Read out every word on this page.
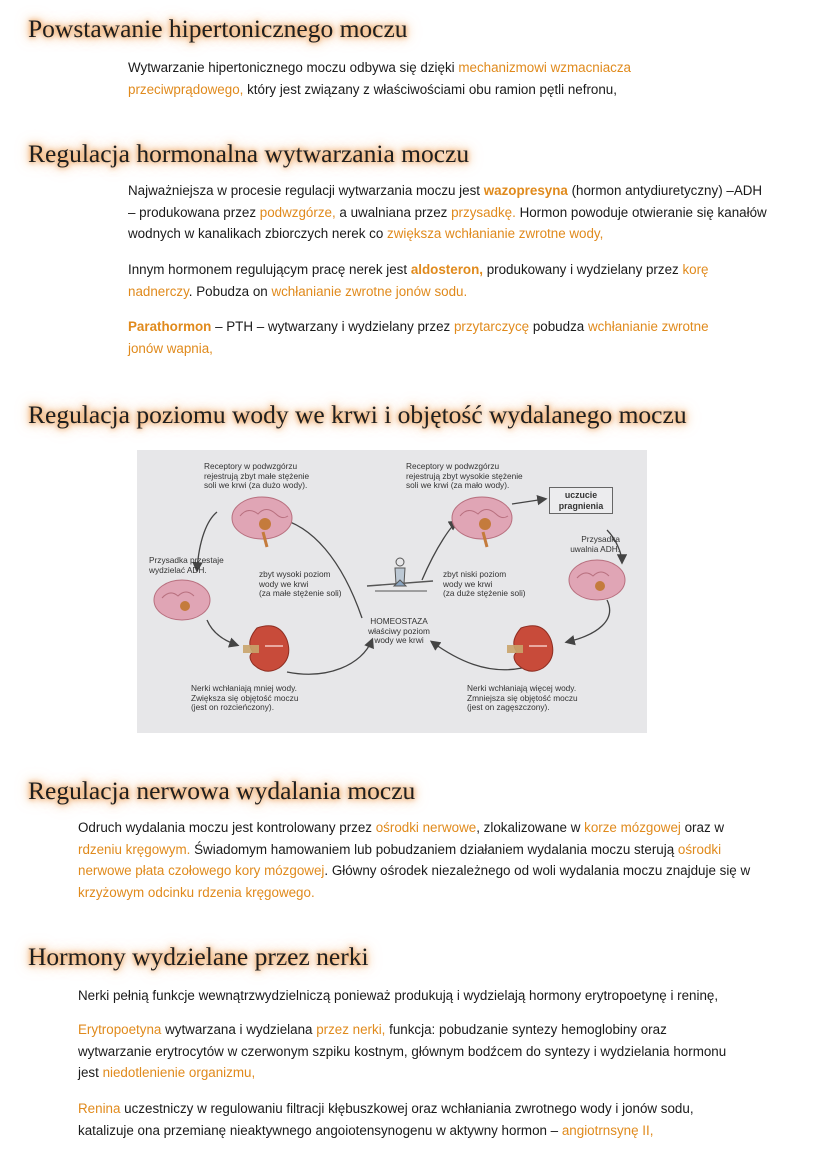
Powstawanie hipertonicznego moczu

Wytwarzanie hipertonicznego moczu odbywa się dzięki mechanizmowi wzmacniacza przeciwprądowego, który jest związany z właściwościami obu ramion pętli nefronu,

Regulacja hormonalna wytwarzania moczu

Najważniejsza w procesie regulacji wytwarzania moczu jest wazopresyna (hormon antydiuretyczny) –ADH – produkowana przez podwzgórze, a uwalniana przez przysadkę. Hormon powoduje otwieranie się kanałów wodnych w kanalikach zbiorczych nerek co zwiększa wchłanianie zwrotne wody,

Innym hormonem regulującym pracę nerek jest aldosteron, produkowany i wydzielany przez korę nadnerczy. Pobudza on wchłanianie zwrotne jonów sodu.

Parathormon – PTH – wytwarzany i wydzielany przez przytarczycę pobudza wchłanianie zwrotne jonów wapnia,

Regulacja poziomu wody we krwi i objętość wydalanego moczu
Receptory w podwzgórzu
rejestrują zbyt małe stężenie
soli we krwi (za dużo wody).
Receptory w podwzgórzu
rejestrują zbyt wysokie stężenie
soli we krwi (za mało wody).
uczucie
pragnienia
Przysadka przestaje
wydzielać ADH.
Przysadka
uwalnia ADH.
zbyt wysoki poziom
wody we krwi
(za małe stężenie soli)
zbyt niski poziom
wody we krwi
(za duże stężenie soli)
HOMEOSTAZA
właściwy poziom
wody we krwi
Nerki wchłaniają mniej wody.
Zwiększa się objętość moczu
(jest on rozcieńczony).
Nerki wchłaniają więcej wody.
Zmniejsza się objętość moczu
(jest on zagęszczony).
Regulacja nerwowa wydalania moczu

Odruch wydalania moczu jest kontrolowany przez ośrodki nerwowe, zlokalizowane w korze mózgowej oraz w rdzeniu kręgowym. Świadomym hamowaniem lub pobudzaniem działaniem wydalania moczu sterują ośrodki nerwowe płata czołowego kory mózgowej. Główny ośrodek niezależnego od woli wydalania moczu znajduje się w krzyżowym odcinku rdzenia kręgowego.

Hormony wydzielane przez nerki

Nerki pełnią funkcje wewnątrzwydzielniczą ponieważ produkują i wydzielają hormony erytropoetynę i reninę,

Erytropoetyna wytwarzana i wydzielana przez nerki, funkcja: pobudzanie syntezy hemoglobiny oraz wytwarzanie erytrocytów w czerwonym szpiku kostnym, głównym bodźcem do syntezy i wydzielania hormonu jest niedotlenienie organizmu,

Renina uczestniczy w regulowaniu filtracji kłębuszkowej oraz wchłaniania zwrotnego wody i jonów sodu, katalizuje ona przemianę nieaktywnego angoiotensynogenu w aktywny hormon – angiotrnsynę II,
